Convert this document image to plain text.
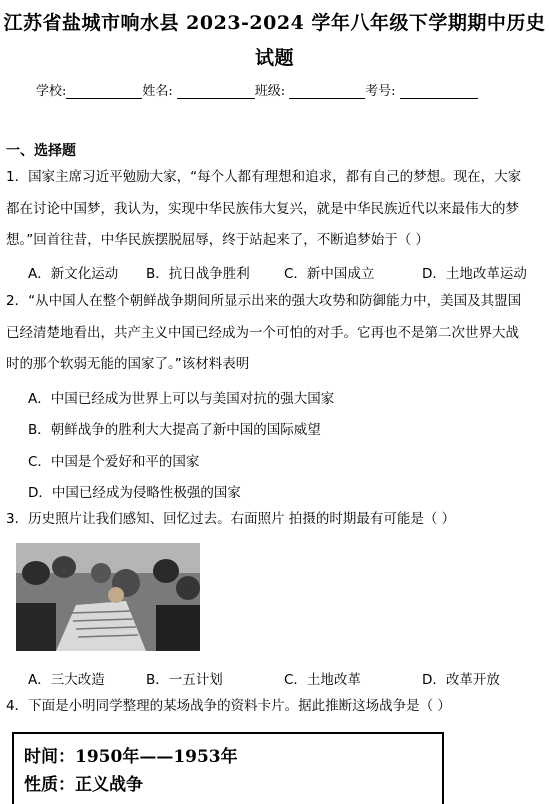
江苏省盐城市响水县 2023-2024 学年八年级下学期期中历史
试题
学校:	姓名:	班级:	考号:
一、选择题
1．国家主席习近平勉励大家，“每个人都有理想和追求，都有自己的梦想。现在，大家
都在讨论中国梦，我认为，实现中华民族伟大复兴，就是中华民族近代以来最伟大的梦
想。”回首往昔，中华民族摆脱屈辱，终于站起来了，不断追梦始于（ ）
A．新文化运动	B．抗日战争胜利	C．新中国成立	D．土地改革运动
2．“从中国人在整个朝鲜战争期间所显示出来的强大攻势和防御能力中，美国及其盟国
已经清楚地看出，共产主义中国已经成为一个可怕的对手。它再也不是第二次世界大战
时的那个软弱无能的国家了。”该材料表明
A．中国已经成为世界上可以与美国对抗的强大国家
B．朝鲜战争的胜利大大提高了新中国的国际威望
C．中国是个爱好和平的国家
D．中国已经成为侵略性极强的国家
3．历史照片让我们感知、回忆过去。右面照片 拍摄的时期最有可能是（ ）
A．三大改造	B．一五计划	C．土地改革	D．改革开放
4．下面是小明同学整理的某场战争的资料卡片。据此推断这场战争是（ ）
时间：1950年——1953年
性质：正义战争
